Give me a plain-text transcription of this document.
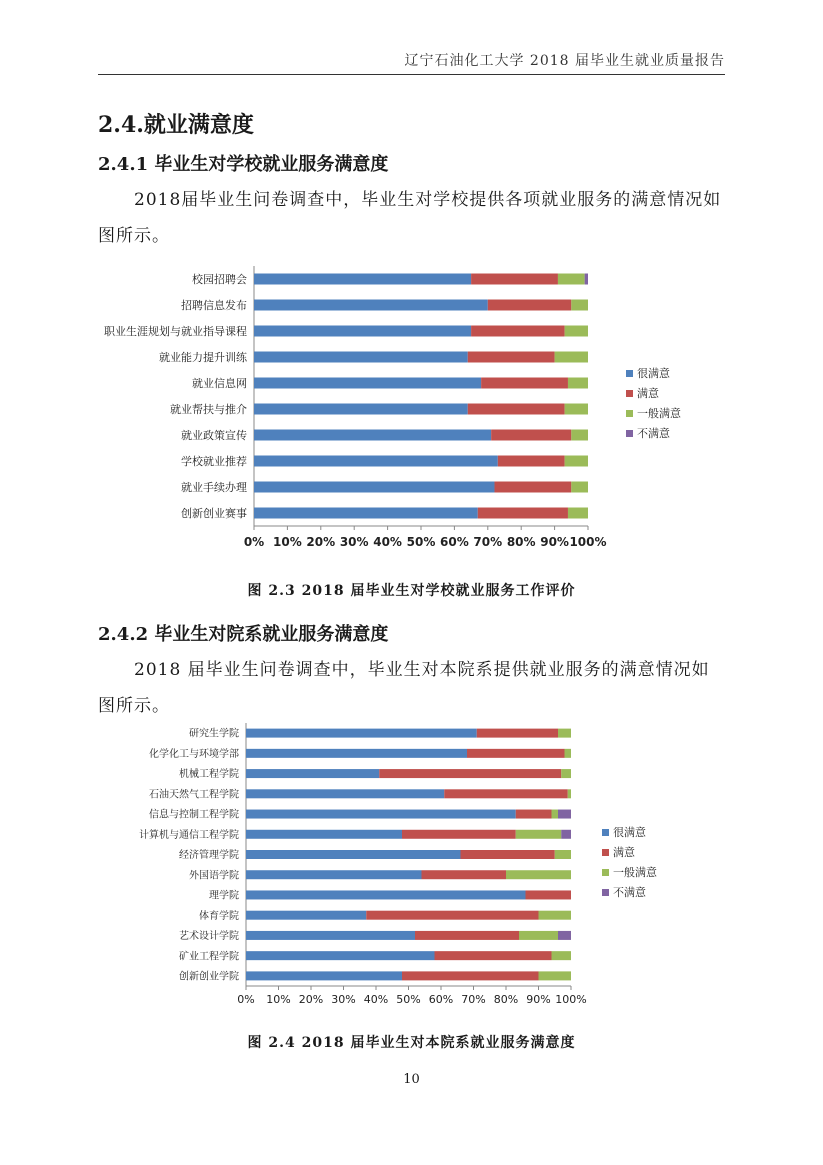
辽宁石油化工大学 2018 届毕业生就业质量报告
2.4.就业满意度
2.4.1 毕业生对学校就业服务满意度
2018届毕业生问卷调查中，毕业生对学校提供各项就业服务的满意情况如图所示。
0% 10% 20% 30% 40% 50% 60% 70% 80% 90% 100%
校园招聘会
招聘信息发布
职业生涯规划与就业指导课程
就业能力提升训练
就业信息网
就业帮扶与推介
就业政策宣传
学校就业推荐
就业手续办理
创新创业赛事
很满意
满意
一般满意
不满意
图 2.3 2018 届毕业生对学校就业服务工作评价
2.4.2 毕业生对院系就业服务满意度
2018 届毕业生问卷调查中，毕业生对本院系提供就业服务的满意情况如图所示。
0% 10% 20% 30% 40% 50% 60% 70% 80% 90% 100%
研究生学院
化学化工与环境学部
机械工程学院
石油天然气工程学院
信息与控制工程学院
计算机与通信工程学院
经济管理学院
外国语学院
理学院
体育学院
艺术设计学院
矿业工程学院
创新创业学院
很满意
满意
一般满意
不满意
图 2.4 2018 届毕业生对本院系就业服务满意度
10
